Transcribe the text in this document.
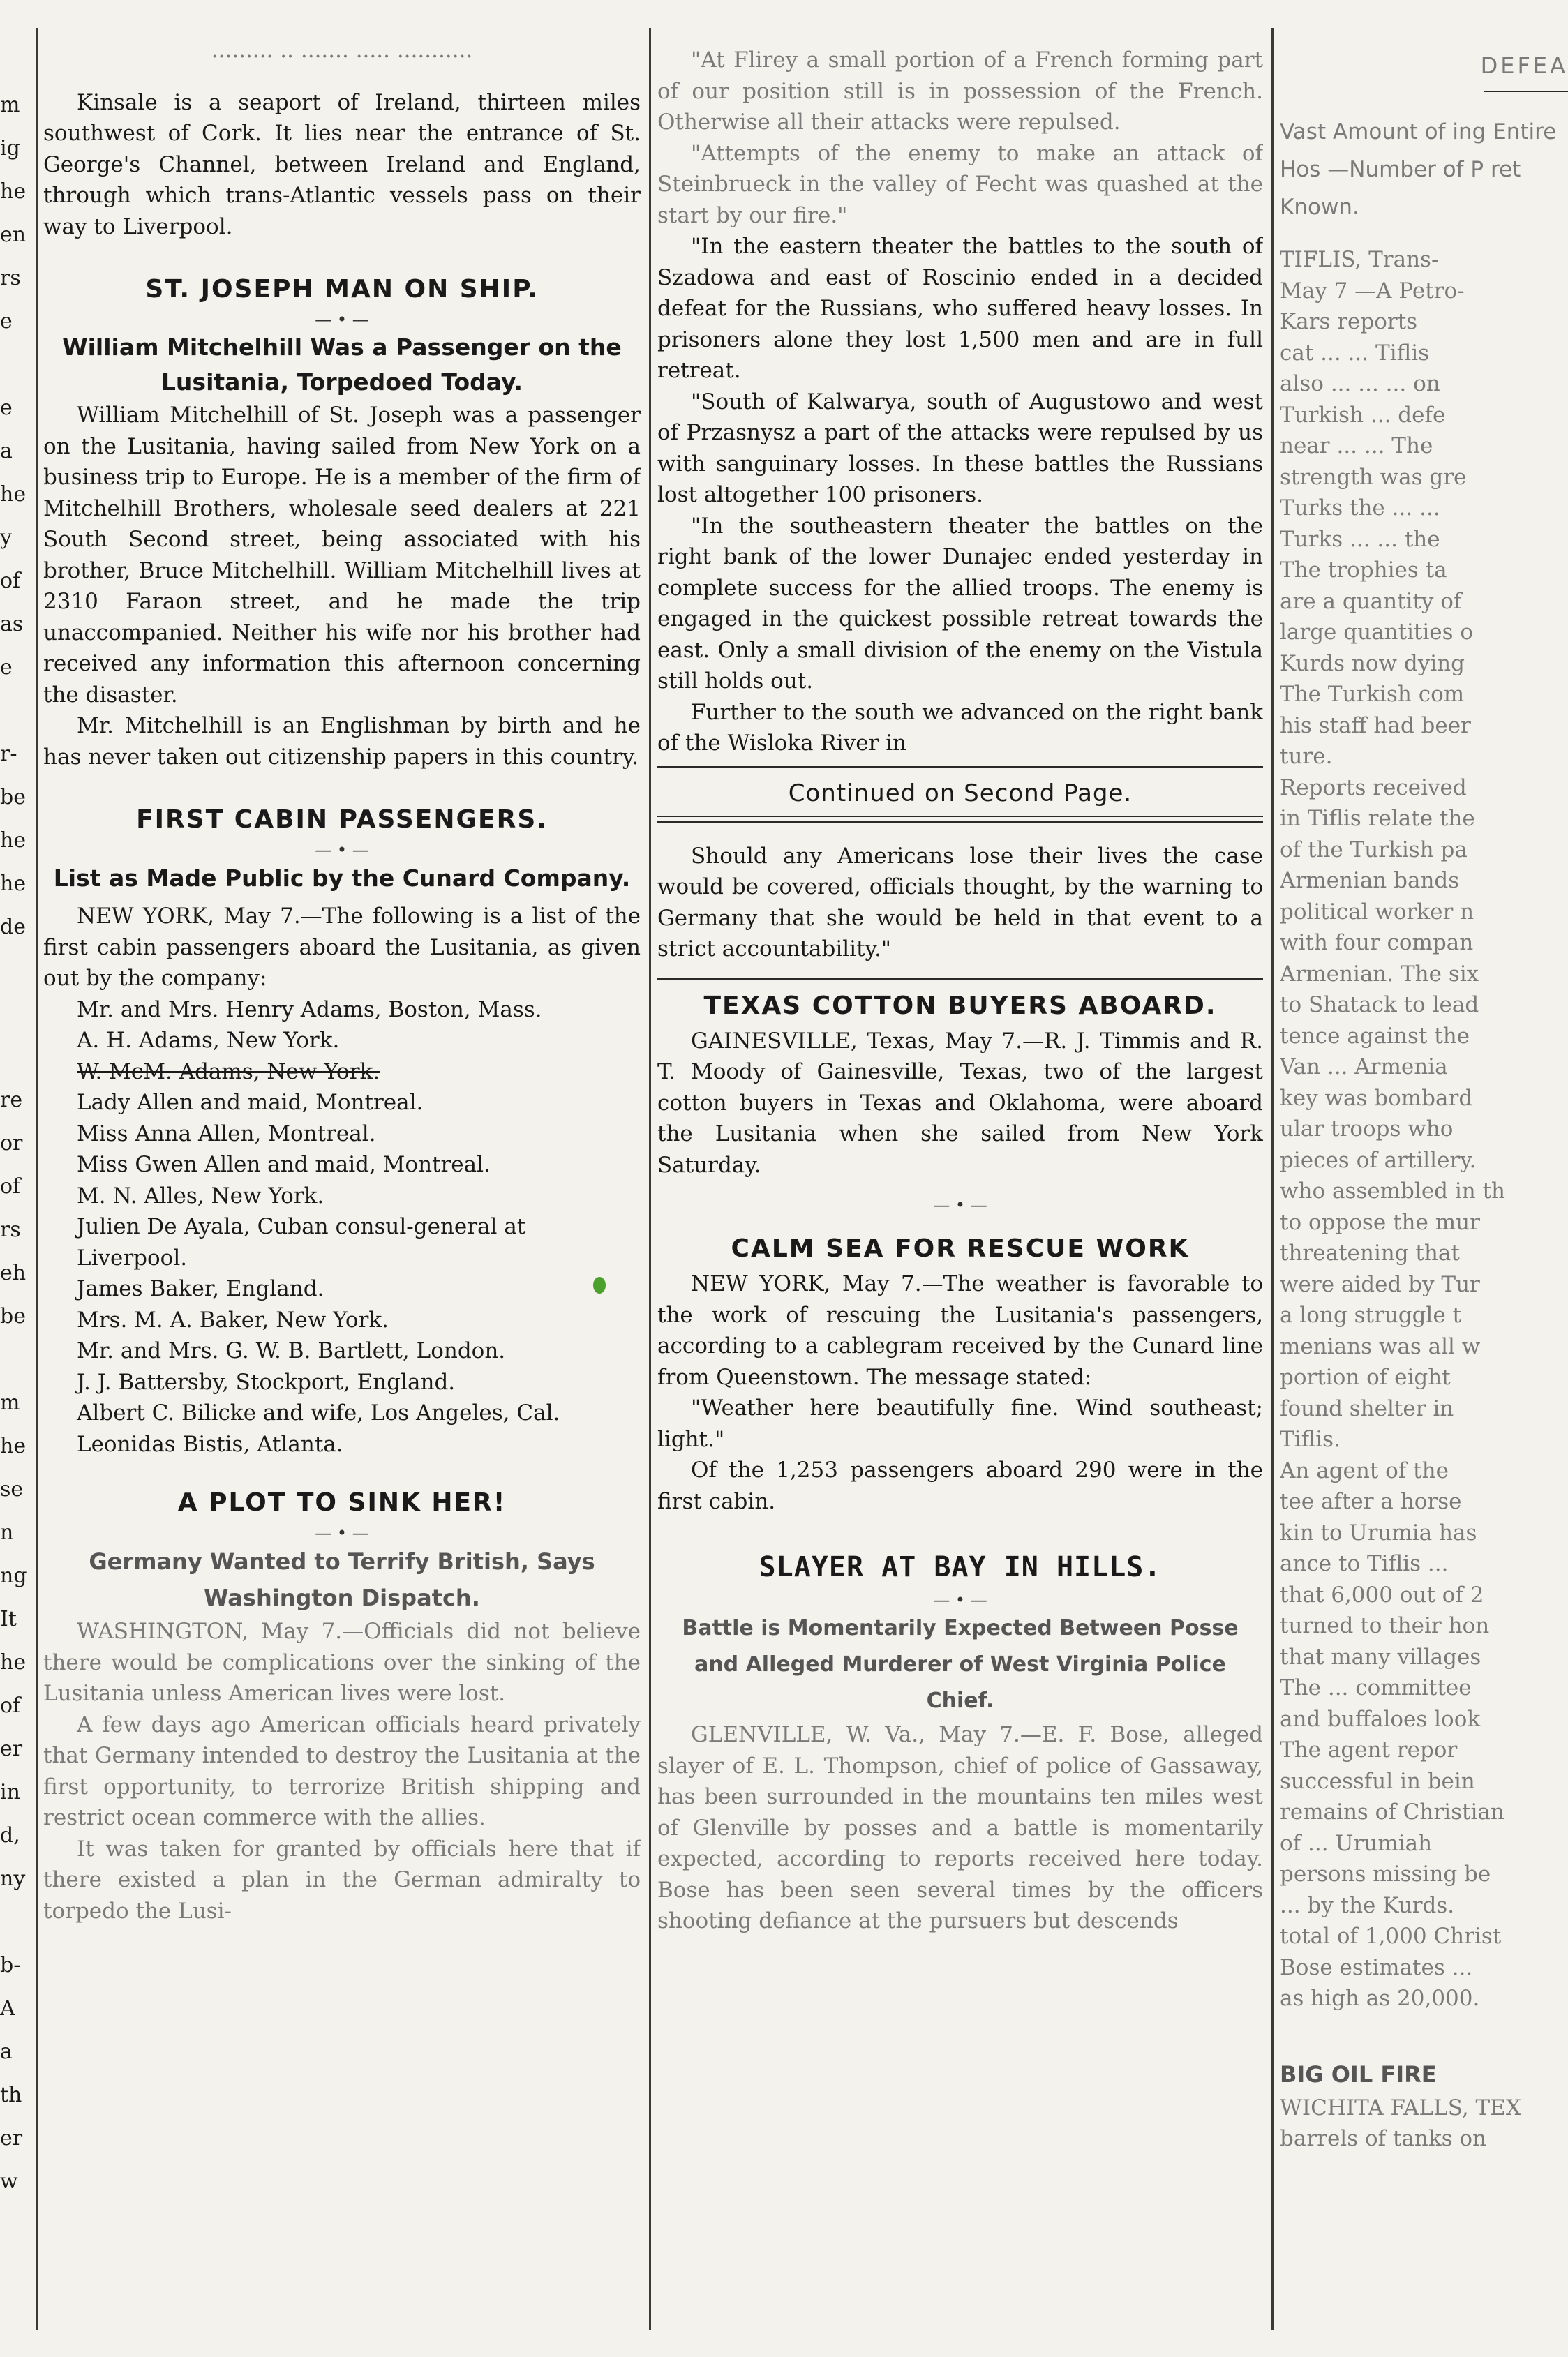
m

ig

he

en

rs

e

e

a

he

y

of

as

e

r-

be

he

he

de

re

or

of

rs

eh

be

m

he

se

n

ng

It

he

of

er

in

d,

ny

b-

A

a

th

er

w

......... .. ....... ..... ...........

Kinsale is a seaport of Ireland, thirteen miles southwest of Cork. It lies near the entrance of St. George's Channel, between Ireland and England, through which trans-Atlantic vessels pass on their way to Liverpool.

ST. JOSEPH MAN ON SHIP.

— • —

William Mitchelhill Was a Passenger on the Lusitania, Torpedoed Today.

William Mitchelhill of St. Joseph was a passenger on the Lusitania, having sailed from New York on a business trip to Europe. He is a member of the firm of Mitchelhill Brothers, wholesale seed dealers at 221 South Second street, being associated with his brother, Bruce Mitchelhill. William Mitchelhill lives at 2310 Faraon street, and he made the trip unaccompanied. Neither his wife nor his brother had received any information this afternoon concerning the disaster.

Mr. Mitchelhill is an Englishman by birth and he has never taken out citizenship papers in this country.

FIRST CABIN PASSENGERS.

— • —

List as Made Public by the Cunard Company.

NEW YORK, May 7.—The following is a list of the first cabin passengers aboard the Lusitania, as given out by the company:

Mr. and Mrs. Henry Adams, Boston, Mass.

A. H. Adams, New York.

W. McM. Adams, New York.

Lady Allen and maid, Montreal.

Miss Anna Allen, Montreal.

Miss Gwen Allen and maid, Montreal.

M. N. Alles, New York.

Julien De Ayala, Cuban consul-general at Liverpool.

James Baker, England.

Mrs. M. A. Baker, New York.

Mr. and Mrs. G. W. B. Bartlett, London.

J. J. Battersby, Stockport, England.

Albert C. Bilicke and wife, Los Angeles, Cal.

Leonidas Bistis, Atlanta.

A PLOT TO SINK HER!

— • —

Germany Wanted to Terrify British, Says Washington Dispatch.

WASHINGTON, May 7.—Officials did not believe there would be complications over the sinking of the Lusitania unless American lives were lost.

A few days ago American officials heard privately that Germany intended to destroy the Lusitania at the first opportunity, to terrorize British shipping and restrict ocean commerce with the allies.

It was taken for granted by officials here that if there existed a plan in the German admiralty to torpedo the Lusi-

"At Flirey a small portion of a French forming part of our position still is in possession of the French. Otherwise all their attacks were repulsed.

"Attempts of the enemy to make an attack of Steinbrueck in the valley of Fecht was quashed at the start by our fire."

"In the eastern theater the battles to the south of Szadowa and east of Roscinio ended in a decided defeat for the Russians, who suffered heavy losses. In prisoners alone they lost 1,500 men and are in full retreat.

"South of Kalwarya, south of Augustowo and west of Przasnysz a part of the attacks were repulsed by us with sanguinary losses. In these battles the Russians lost altogether 100 prisoners.

"In the southeastern theater the battles on the right bank of the lower Dunajec ended yesterday in complete success for the allied troops. The enemy is engaged in the quickest possible retreat towards the east. Only a small division of the enemy on the Vistula still holds out.

Further to the south we advanced on the right bank of the Wisloka River in

Continued on Second Page.

Should any Americans lose their lives the case would be covered, officials thought, by the warning to Germany that she would be held in that event to a strict accountability."

TEXAS COTTON BUYERS ABOARD.

GAINESVILLE, Texas, May 7.—R. J. Timmis and R. T. Moody of Gainesville, Texas, two of the largest cotton buyers in Texas and Oklahoma, were aboard the Lusitania when she sailed from New York Saturday.

— • —

CALM SEA FOR RESCUE WORK

NEW YORK, May 7.—The weather is favorable to the work of rescuing the Lusitania's passengers, according to a cablegram received by the Cunard line from Queenstown. The message stated:

"Weather here beautifully fine. Wind southeast; light."

Of the 1,253 passengers aboard 290 were in the first cabin.

SLAYER AT BAY IN HILLS.

— • —

Battle is Momentarily Expected Between Posse and Alleged Murderer of West Virginia Police Chief.

GLENVILLE, W. Va., May 7.—E. F. Bose, alleged slayer of E. L. Thompson, chief of police of Gassaway, has been surrounded in the mountains ten miles west of Glenville by posses and a battle is momentarily expected, according to reports received here today. Bose has been seen several times by the officers shooting defiance at the pursuers but descends

DEFEA

Vast Amount of ing Entire Hos —Number of P ret Known.

TIFLIS, Trans-

May 7 —A Petro-

Kars reports

cat ... ... Tiflis

also ... ... ... on

Turkish ... defe

near ... ... The

strength was gre

Turks the ... ...

Turks ... ... the

The trophies ta

are a quantity of

large quantities o

Kurds now dying

The Turkish com

his staff had beer

ture.

Reports received

in Tiflis relate the

of the Turkish pa

Armenian bands

political worker n

with four compan

Armenian. The six

to Shatack to lead

tence against the

Van ... Armenia

key was bombard

ular troops who

pieces of artillery.

who assembled in th

to oppose the mur

threatening that

were aided by Tur

a long struggle t

menians was all w

portion of eight

found shelter in

Tiflis.

An agent of the

tee after a horse

kin to Urumia has

ance to Tiflis ...

that 6,000 out of 2

turned to their hon

that many villages

The ... committee

and buffaloes look

The agent repor

successful in bein

remains of Christian

of ... Urumiah

persons missing be

... by the Kurds.

total of 1,000 Christ

Bose estimates ...

as high as 20,000.

BIG OIL FIRE

WICHITA FALLS, TEX

barrels of tanks on
